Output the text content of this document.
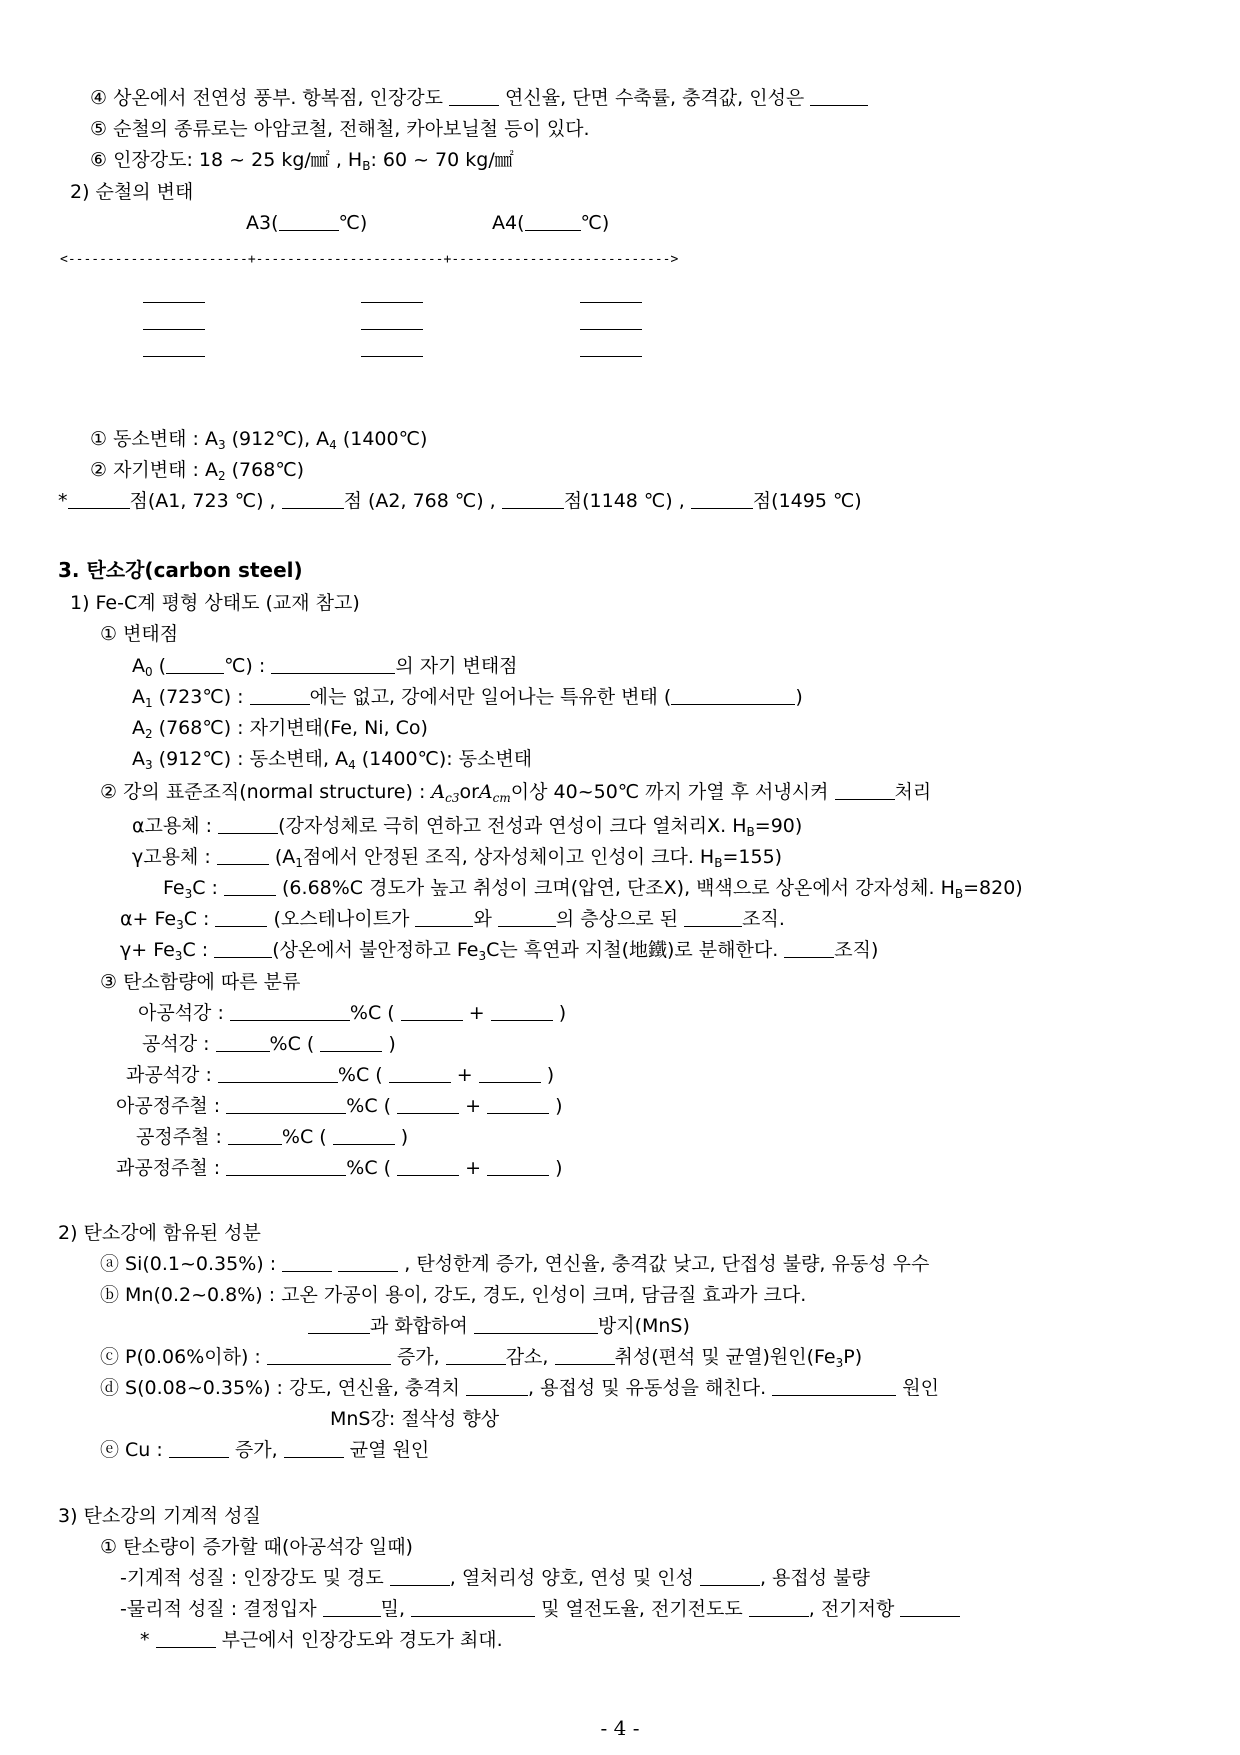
④ 상온에서 전연성 풍부. 항복점, 인장강도	연신율, 단면 수축률, 충격값, 인성은
⑤ 순철의 종류로는 아암코철, 전해철, 카아보닐철 등이 있다.
⑥ 인장강도: 18 ~ 25 kg/㎟ , $H_B$: 60 ~ 70 kg/㎟
2) 순철의 변태
A3(	℃)	A4(	℃)
<-----------------------+------------------------+---------------------------->
① 동소변태 : $A_3$ (912℃), $A_4$ (1400℃)
② 자기변태 : $A_2$ (768℃)
*	점(A1, 723 ℃) ,	점 (A2, 768 ℃) ,	점(1148 ℃) ,	점(1495 ℃)
3. 탄소강(carbon steel)
1) Fe-C계 평형 상태도 (교재 참고)
① 변태점
$A_0$ (	℃) :	의 자기 변태점
$A_1$ (723℃) :	에는 없고, 강에서만 일어나는 특유한 변태 (	)
$A_2$ (768℃) : 자기변태(Fe, Ni, Co)
$A_3$ (912℃) : 동소변태, $A_4$ (1400℃): 동소변태
② 강의 표준조직(normal structure) : $A_{c3}orA_{cm}$이상 40~50℃ 까지 가열 후 서냉시켜	처리
α고용체 :	(강자성체로 극히 연하고 전성과 연성이 크다 열처리X. $H_B=90$)
γ고용체 :	($A_1$점에서 안정된 조직, 상자성체이고 인성이 크다. $H_B=155$)
$Fe_3C$ :	(6.68%C 경도가 높고 취성이 크며(압연, 단조X), 백색으로 상온에서 강자성체. $H_B=820$)
$\alpha+ Fe_3C$ :	(오스테나이트가	와	의 층상으로 된	조직.
$\gamma+ Fe_3C$ :	(상온에서 불안정하고 $Fe_3C$는 흑연과 지철(地鐵)로 분해한다.	조직)
③ 탄소함량에 따른 분류
아공석강 :	%C (	+	)
공석강 :	%C (	)
과공석강 :	%C (	+	)
아공정주철 :	%C (	+	)
공정주철 :	%C (	)
과공정주철 :	%C (	+	)
2) 탄소강에 함유된 성분
ⓐ Si(0.1~0.35%) :	, 탄성한계 증가, 연신율, 충격값 낮고, 단접성 불량, 유동성 우수
ⓑ Mn(0.2~0.8%) : 고온 가공이 용이, 강도, 경도, 인성이 크며, 담금질 효과가 크다.
과 화합하여	방지(MnS)
ⓒ P(0.06%이하) :	증가,	감소,	취성(편석 및 균열)원인$(Fe_3P)$
ⓓ S(0.08~0.35%) : 강도, 연신율, 충격치	, 용접성 및 유동성을 해친다.	원인
MnS강: 절삭성 향상
ⓔ Cu :	증가,	균열 원인
3) 탄소강의 기계적 성질
① 탄소량이 증가할 때(아공석강 일때)
-기계적 성질 : 인장강도 및 경도	, 열처리성 양호, 연성 및 인성	, 용접성 불량
-물리적 성질 : 결정입자	밀,	및 열전도율, 전기전도도	, 전기저항
*	부근에서 인장강도와 경도가 최대.
- 4 -
